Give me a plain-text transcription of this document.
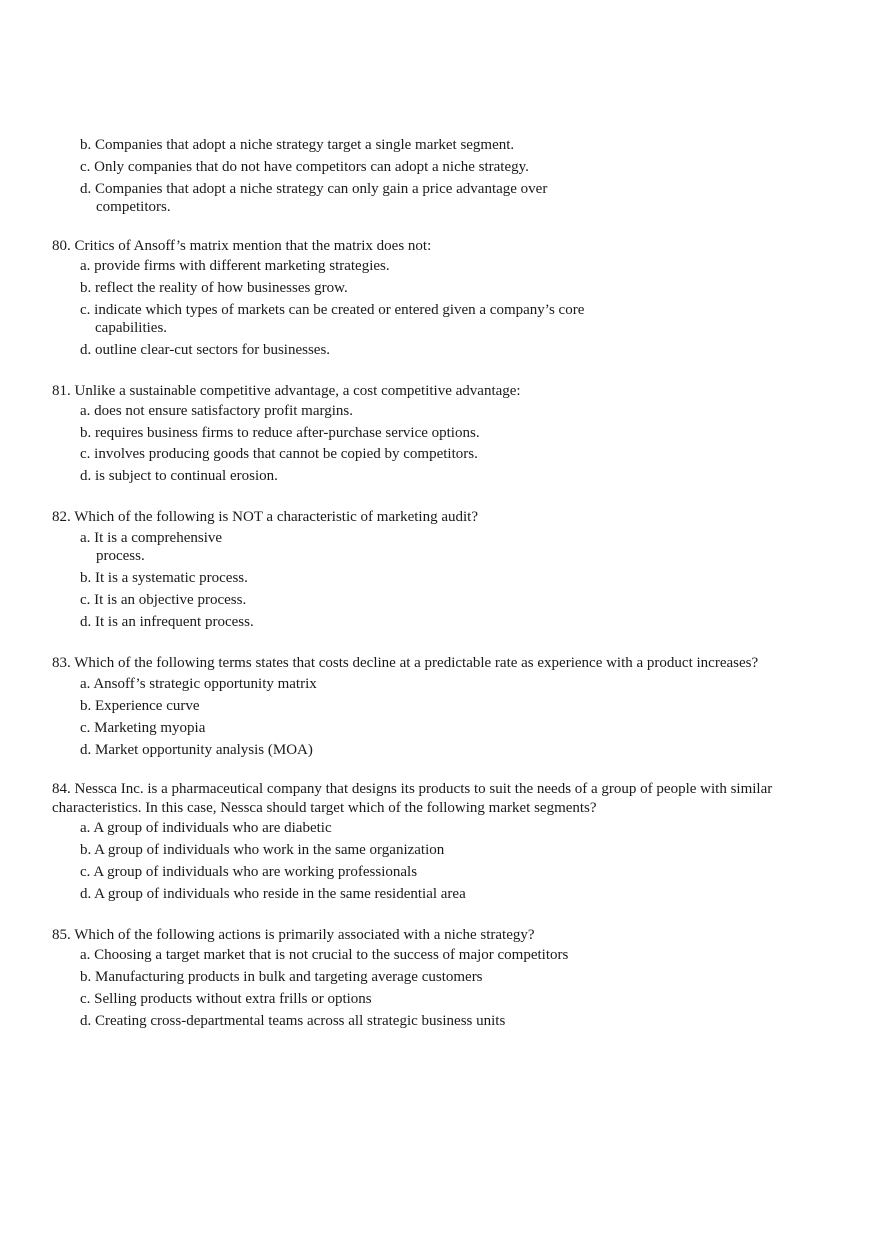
b. Companies that adopt a niche strategy target a single market segment.
c. Only companies that do not have competitors can adopt a niche strategy.
d. Companies that adopt a niche strategy can only gain a price advantage over
competitors.
80. Critics of Ansoff’s matrix mention that the matrix does not:
a. provide firms with different marketing strategies.
b. reflect the reality of how businesses grow.
c. indicate which types of markets can be created or entered given a company’s core
capabilities.
d. outline clear-cut sectors for businesses.
81. Unlike a sustainable competitive advantage, a cost competitive advantage:
a. does not ensure satisfactory profit margins.
b. requires business firms to reduce after-purchase service options.
c. involves producing goods that cannot be copied by competitors.
d. is subject to continual erosion.
82. Which of the following is NOT a characteristic of marketing audit?
a. It is a comprehensive
process.
b. It is a systematic process.
c. It is an objective process.
d. It is an infrequent process.
83. Which of the following terms states that costs decline at a predictable rate as experience with a product increases?
a. Ansoff’s strategic opportunity matrix
b. Experience curve
c. Marketing myopia
d. Market opportunity analysis (MOA)
84. Nessca Inc. is a pharmaceutical company that designs its products to suit the needs of a group of people with similar
characteristics. In this case, Nessca should target which of the following market segments?
a. A group of individuals who are diabetic
b. A group of individuals who work in the same organization
c. A group of individuals who are working professionals
d. A group of individuals who reside in the same residential area
85. Which of the following actions is primarily associated with a niche strategy?
a. Choosing a target market that is not crucial to the success of major competitors
b. Manufacturing products in bulk and targeting average customers
c. Selling products without extra frills or options
d. Creating cross-departmental teams across all strategic business units
